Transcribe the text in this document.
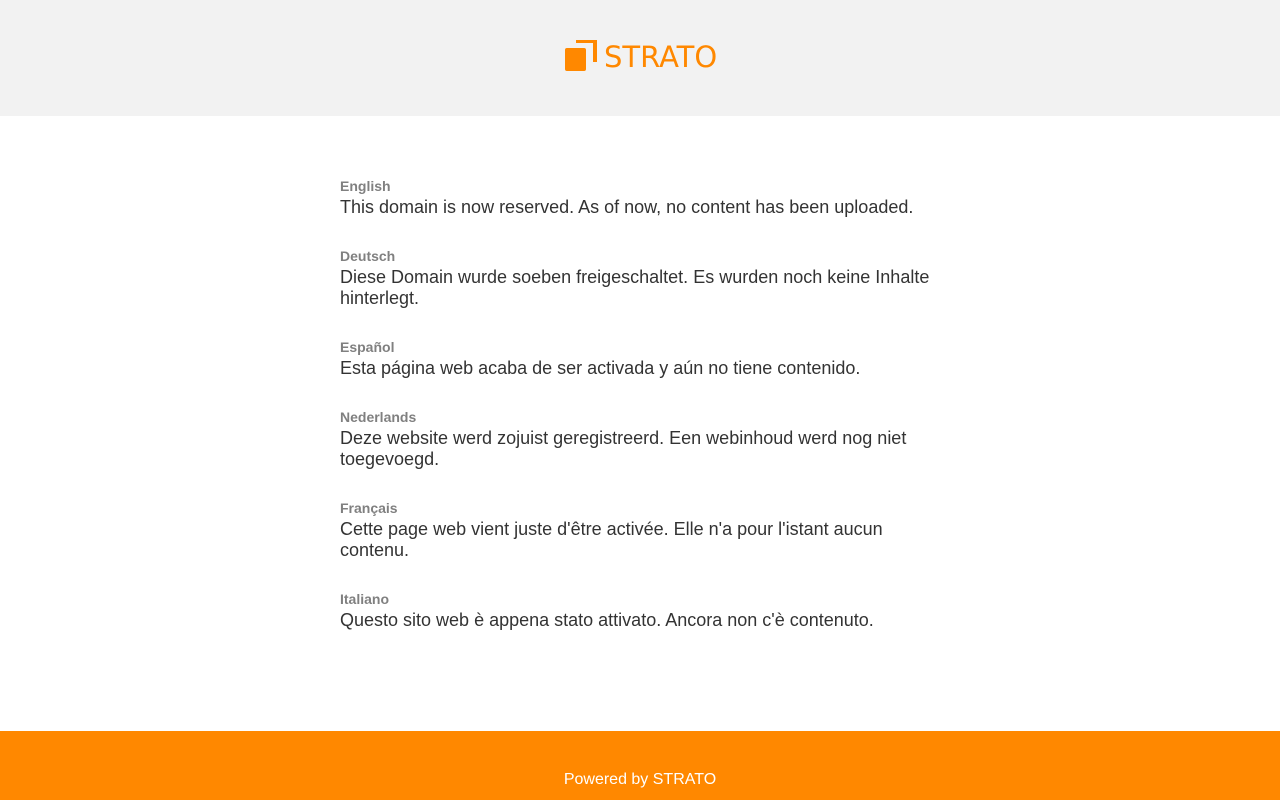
STRATO

English

This domain is now reserved. As of now, no content has been uploaded.

Deutsch

Diese Domain wurde soeben freigeschaltet. Es wurden noch keine Inhalte hinterlegt.

Español

Esta página web acaba de ser activada y aún no tiene contenido.

Nederlands

Deze website werd zojuist geregistreerd. Een webinhoud werd nog niet toegevoegd.

Français

Cette page web vient juste d'être activée. Elle n'a pour l'istant aucun contenu.

Italiano

Questo sito web è appena stato attivato. Ancora non c'è contenuto.

Powered by STRATO
